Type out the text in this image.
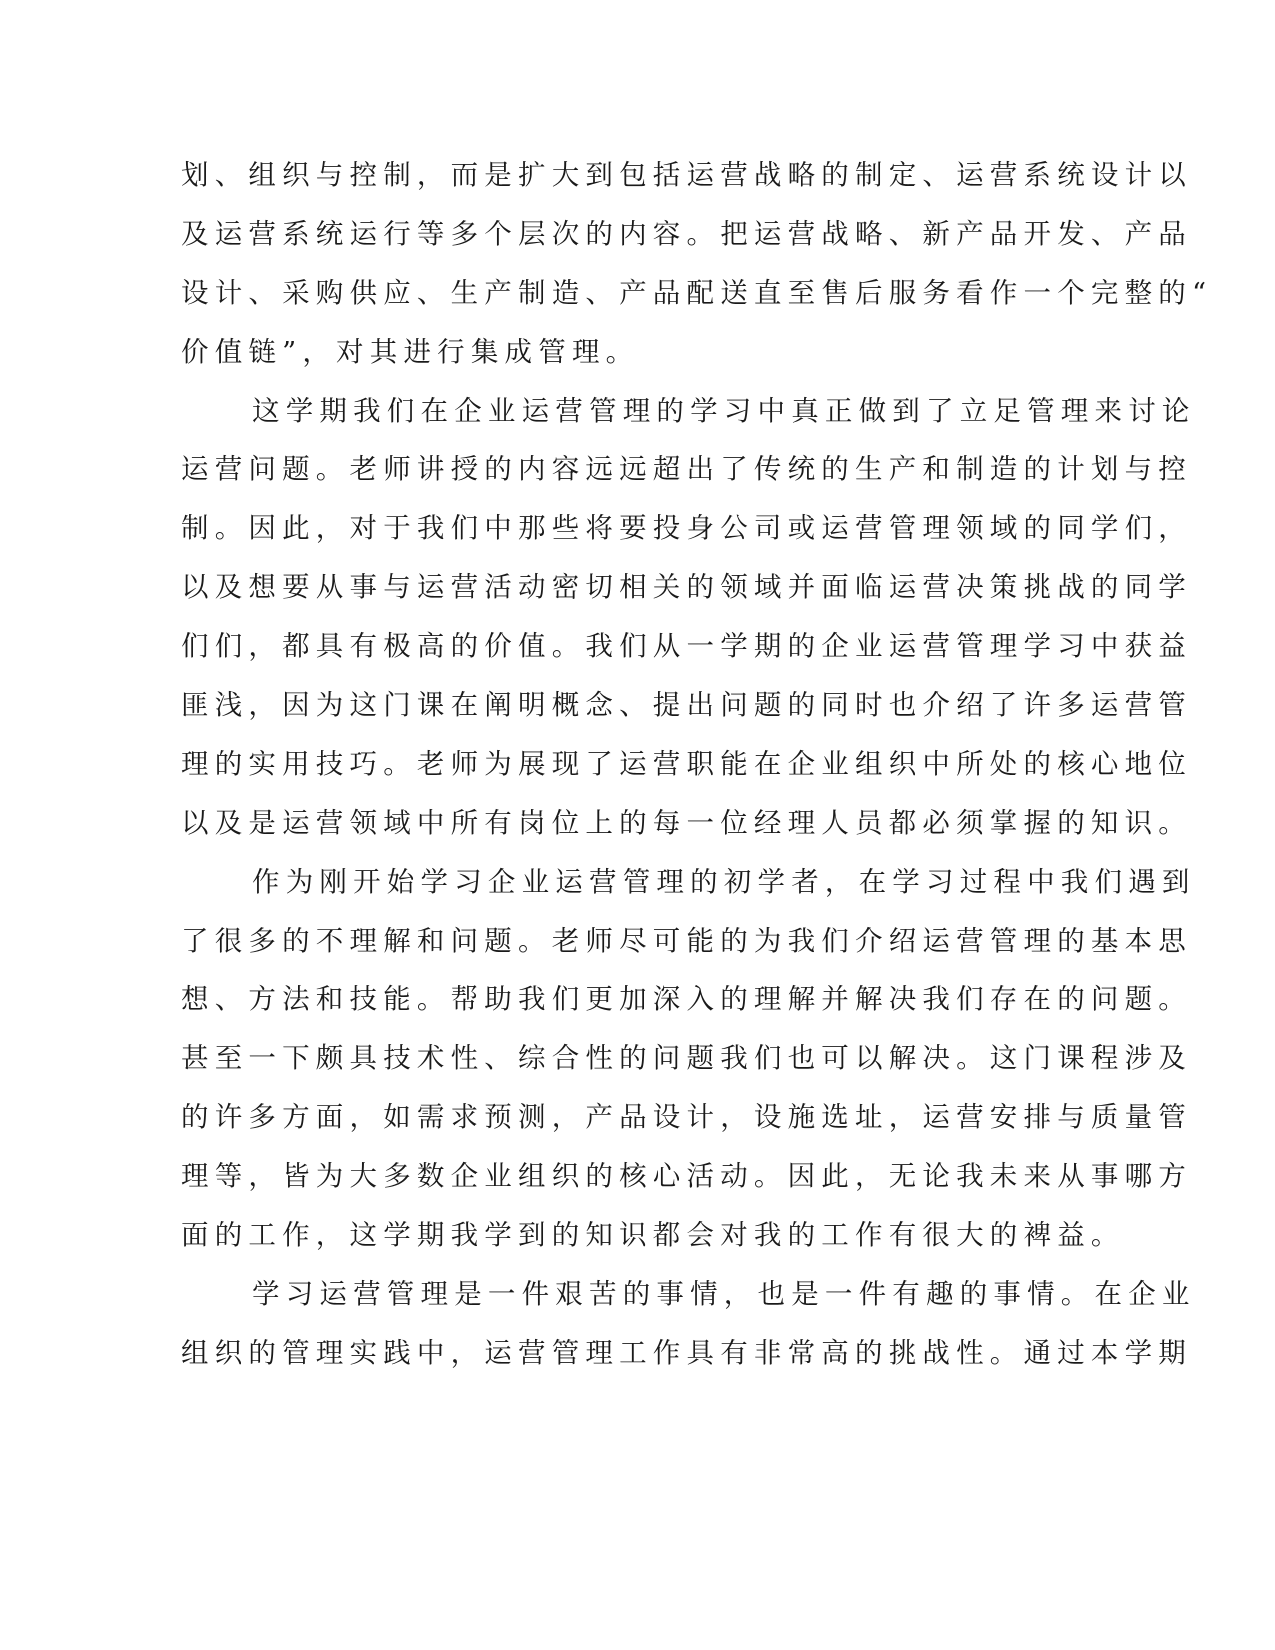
划、组织与控制，而是扩大到包括运营战略的制定、运营系统设计以
及运营系统运行等多个层次的内容。把运营战略、新产品开发、产品
设计、采购供应、生产制造、产品配送直至售后服务看作一个完整的“
价值链”，对其进行集成管理。
这学期我们在企业运营管理的学习中真正做到了立足管理来讨论
运营问题。老师讲授的内容远远超出了传统的生产和制造的计划与控
制。因此，对于我们中那些将要投身公司或运营管理领域的同学们，
以及想要从事与运营活动密切相关的领域并面临运营决策挑战的同学
们们，都具有极高的价值。我们从一学期的企业运营管理学习中获益
匪浅，因为这门课在阐明概念、提出问题的同时也介绍了许多运营管
理的实用技巧。老师为展现了运营职能在企业组织中所处的核心地位
以及是运营领域中所有岗位上的每一位经理人员都必须掌握的知识。
作为刚开始学习企业运营管理的初学者，在学习过程中我们遇到
了很多的不理解和问题。老师尽可能的为我们介绍运营管理的基本思
想、方法和技能。帮助我们更加深入的理解并解决我们存在的问题。
甚至一下颇具技术性、综合性的问题我们也可以解决。这门课程涉及
的许多方面，如需求预测，产品设计，设施选址，运营安排与质量管
理等，皆为大多数企业组织的核心活动。因此，无论我未来从事哪方
面的工作，这学期我学到的知识都会对我的工作有很大的裨益。
学习运营管理是一件艰苦的事情，也是一件有趣的事情。在企业
组织的管理实践中，运营管理工作具有非常高的挑战性。通过本学期
